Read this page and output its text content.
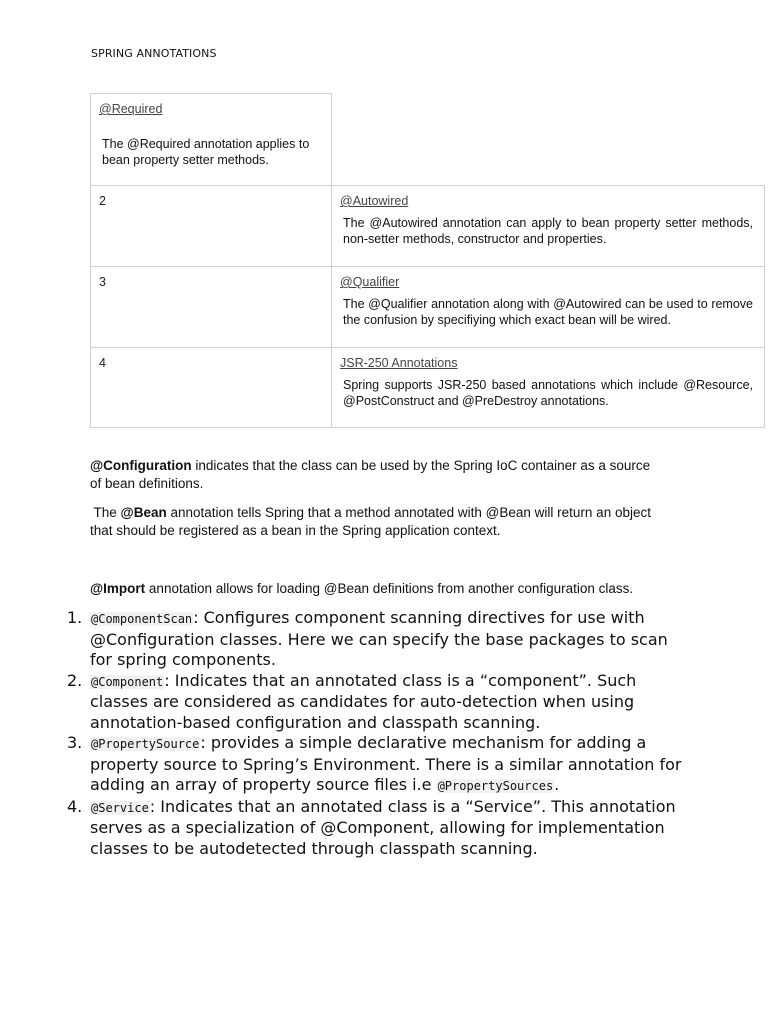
SPRING ANNOTATIONS
@Required
The @Required annotation applies to bean property setter methods.
2	@Autowired
The @Autowired annotation can apply to bean property setter methods, non-setter methods, constructor and properties.
3	@Qualifier
The @Qualifier annotation along with @Autowired can be used to remove the confusion by specifiying which exact bean will be wired.
4	JSR-250 Annotations
Spring supports JSR-250 based annotations which include @Resource, @PostConstruct and @PreDestroy annotations.
@Configuration indicates that the class can be used by the Spring IoC container as a source of bean definitions.
The @Bean annotation tells Spring that a method annotated with @Bean will return an object that should be registered as a bean in the Spring application context.
@Import annotation allows for loading @Bean definitions from another configuration class.
1. @ComponentScan: Configures component scanning directives for use with @Configuration classes. Here we can specify the base packages to scan for spring components.
2. @Component: Indicates that an annotated class is a “component”. Such classes are considered as candidates for auto-detection when using annotation-based configuration and classpath scanning.
3. @PropertySource: provides a simple declarative mechanism for adding a property source to Spring’s Environment. There is a similar annotation for adding an array of property source files i.e @PropertySources.
4. @Service: Indicates that an annotated class is a “Service”. This annotation serves as a specialization of @Component, allowing for implementation classes to be autodetected through classpath scanning.
